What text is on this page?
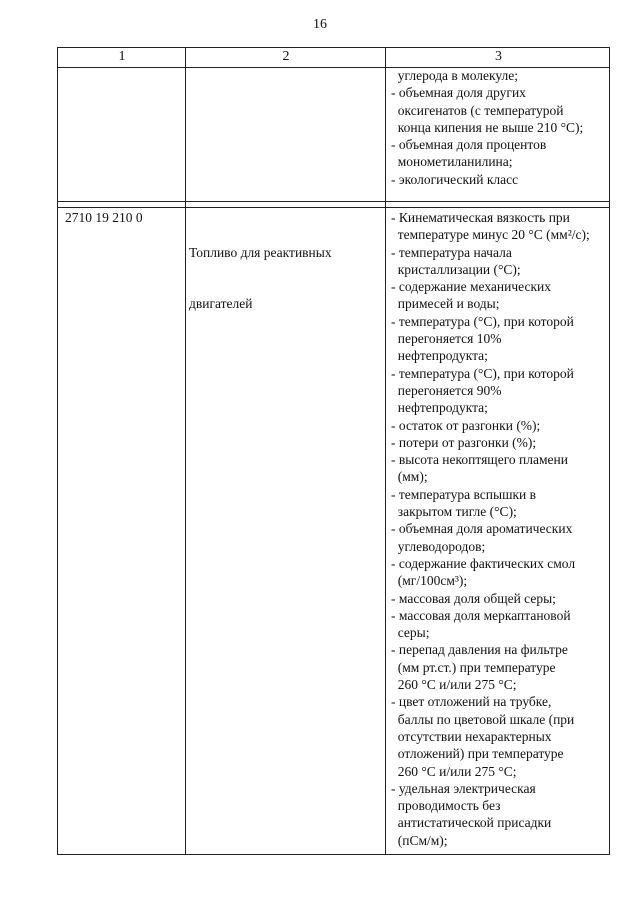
16
1	2	3
углерода в молекуле;
- объемная доля других
оксигенатов (с температурой
конца кипения не выше 210 °С);
- объемная доля процентов
монометиланилина;
- экологический класс
2710 19 210 0

Топливо для реактивных

двигателей

- Кинематическая вязкость при
температуре минус 20 °С (мм²/с);
- температура начала
кристаллизации (°С);
- содержание механических
примесей и воды;
- температура (°С), при которой
перегоняется 10%
нефтепродукта;
- температура (°С), при которой
перегоняется 90%
нефтепродукта;
- остаток от разгонки (%);
- потери от разгонки (%);
- высота некоптящего пламени
(мм);
- температура вспышки в
закрытом тигле (°С);
- объемная доля ароматических
углеводородов;
- содержание фактических смол
(мг/100см³);
- массовая доля общей серы;
- массовая доля меркаптановой
серы;
- перепад давления на фильтре
(мм рт.ст.) при температуре
260 °С и/или 275 °С;
- цвет отложений на трубке,
баллы по цветовой шкале (при
отсутствии нехарактерных
отложений) при температуре
260 °С и/или 275 °С;
- удельная электрическая
проводимость без
антистатической присадки
(пСм/м);
